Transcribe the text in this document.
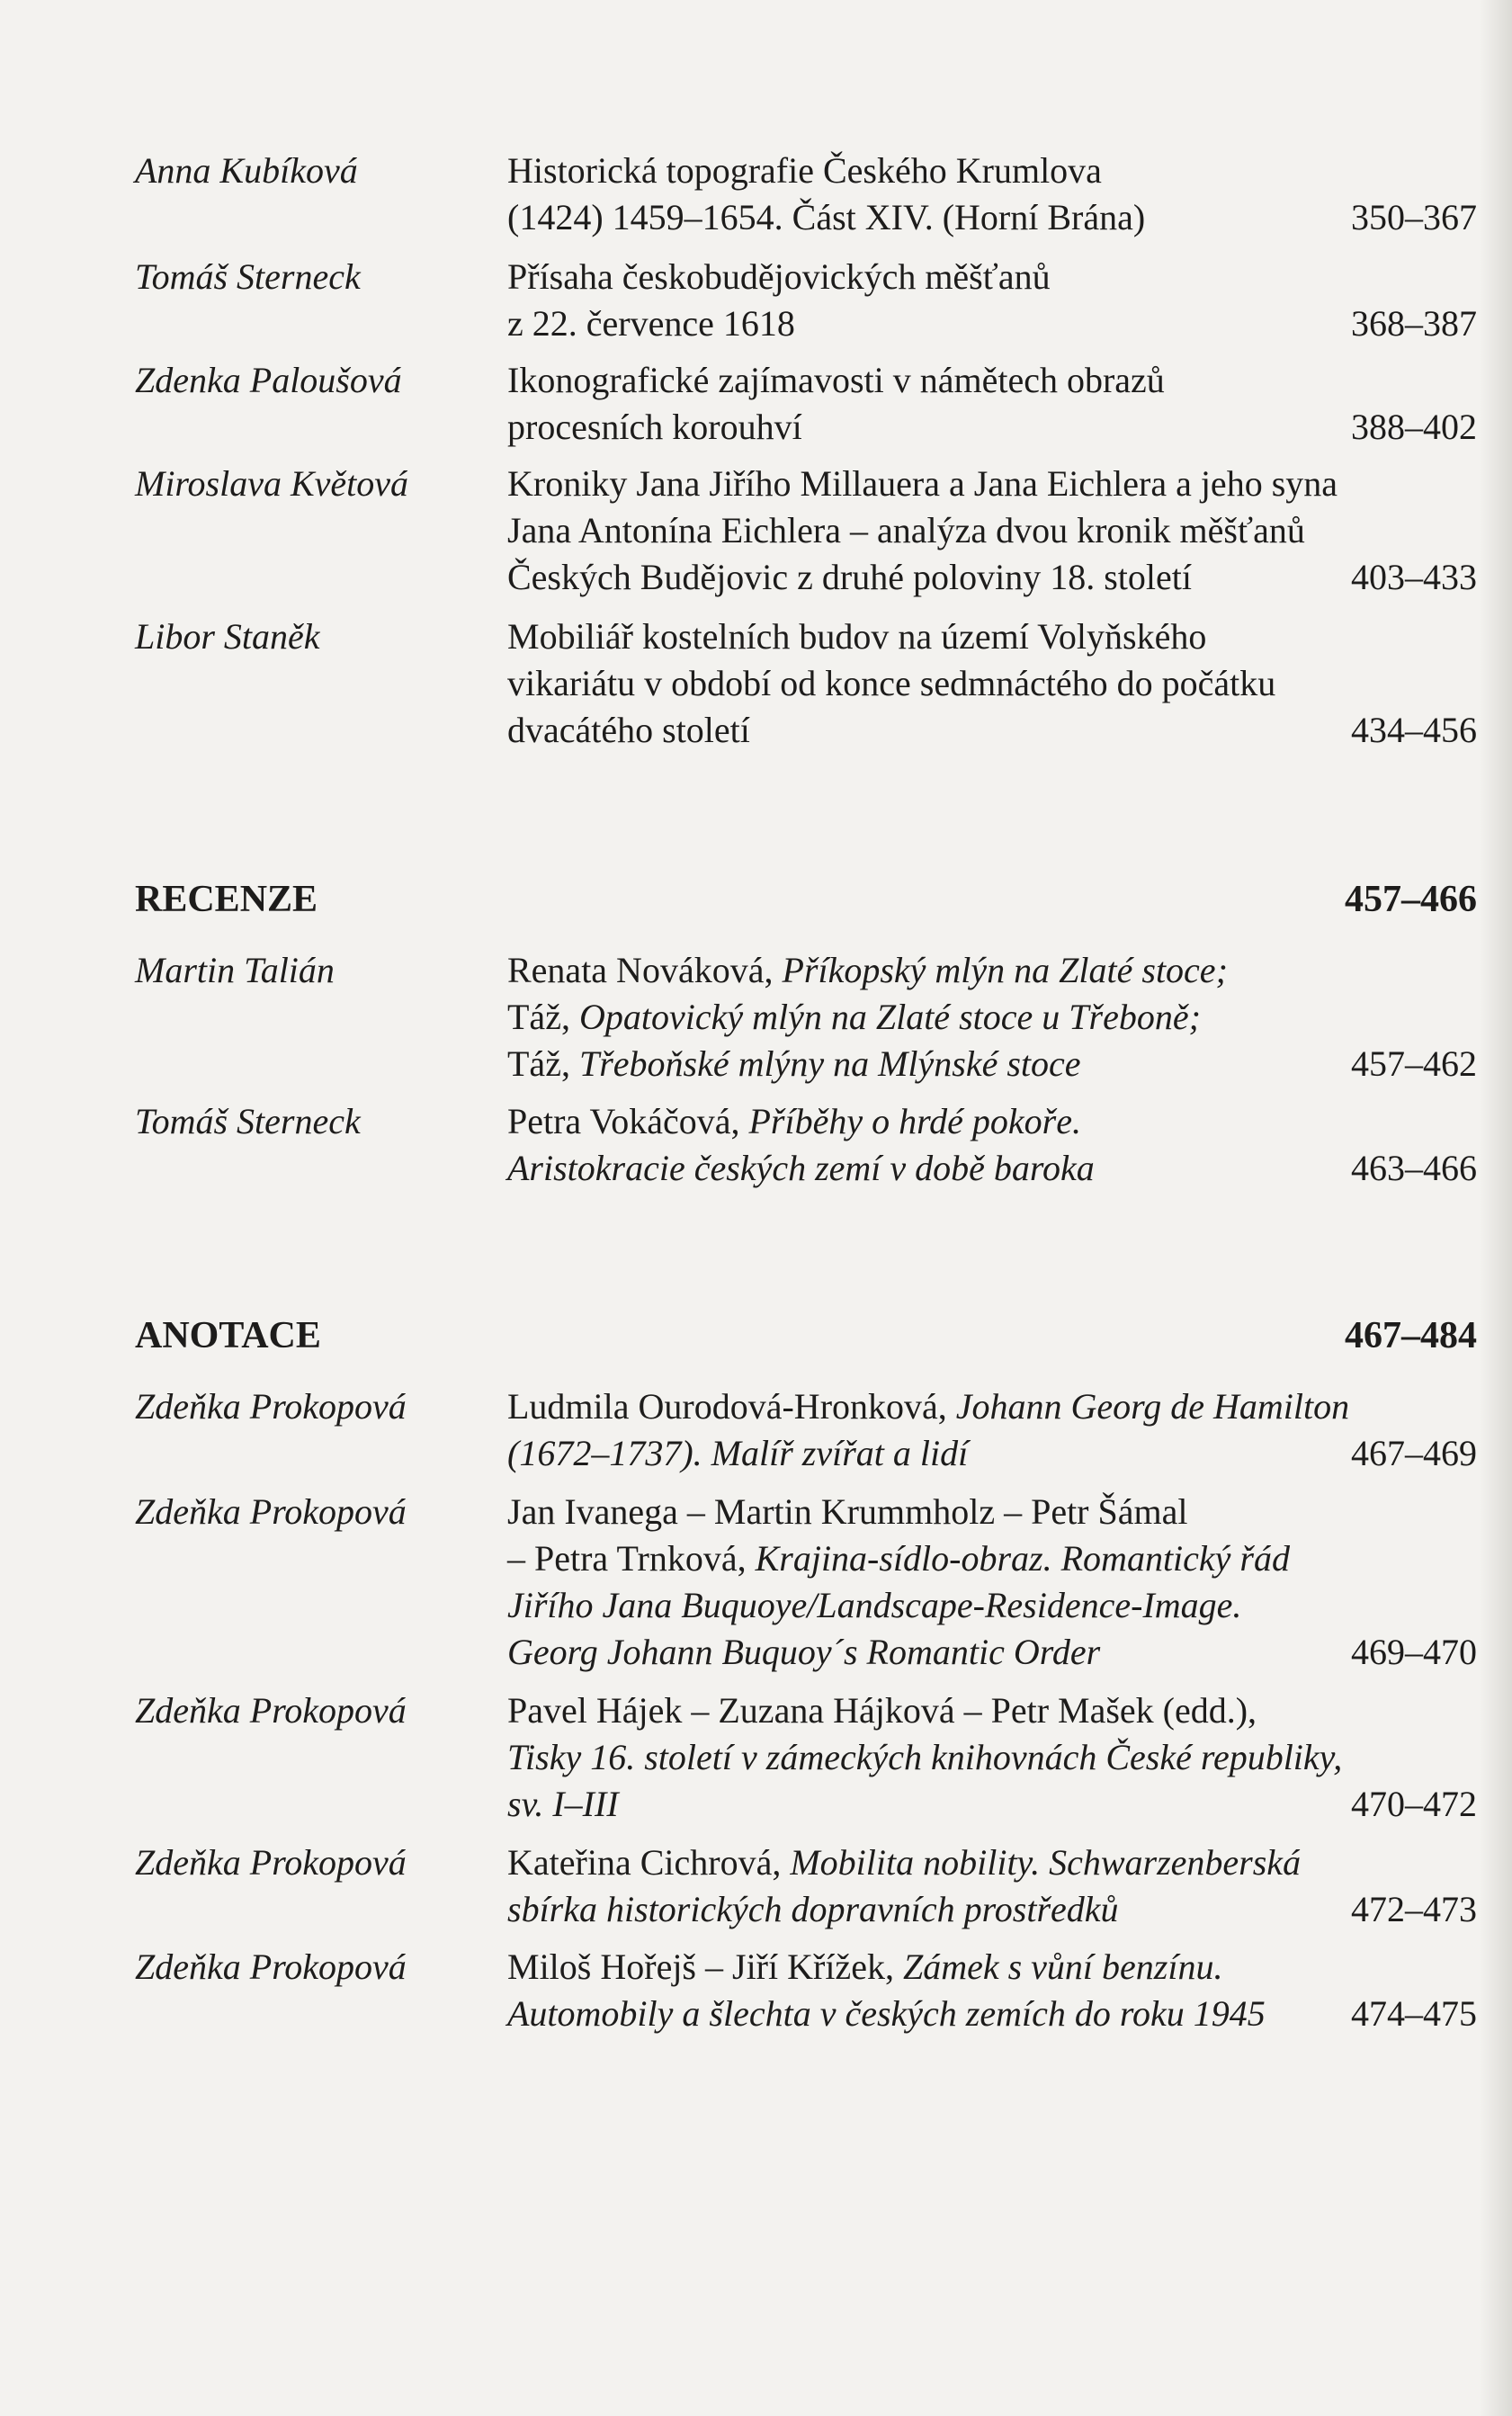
Anna Kubíková	Historická topografie Českého Krumlova
(1424) 1459–1654. Část XIV. (Horní Brána)	350–367
Tomáš Sterneck	Přísaha českobudějovických měšťanů
z 22. července 1618	368–387
Zdenka Paloušová	Ikonografické zajímavosti v námětech obrazů
procesních korouhví	388–402
Miroslava Květová	Kroniky Jana Jiřího Millauera a Jana Eichlera a jeho syna
Jana Antonína Eichlera – analýza dvou kronik měšťanů
Českých Budějovic z druhé poloviny 18. století	403–433
Libor Staněk	Mobiliář kostelních budov na území Volyňského
vikariátu v období od konce sedmnáctého do počátku
dvacátého století	434–456
RECENZE	457–466
Martin Talián	Renata Nováková, Příkopský mlýn na Zlaté stoce;
Táž, Opatovický mlýn na Zlaté stoce u Třeboně;
Táž, Třeboňské mlýny na Mlýnské stoce	457–462
Tomáš Sterneck	Petra Vokáčová, Příběhy o hrdé pokoře.
Aristokracie českých zemí v době baroka	463–466
ANOTACE	467–484
Zdeňka Prokopová	Ludmila Ourodová-Hronková, Johann Georg de Hamilton
(1672–1737). Malíř zvířat a lidí	467–469
Zdeňka Prokopová	Jan Ivanega – Martin Krummholz – Petr Šámal
– Petra Trnková, Krajina-sídlo-obraz. Romantický řád
Jiřího Jana Buquoye/Landscape-Residence-Image.
Georg Johann Buquoy´s Romantic Order	469–470
Zdeňka Prokopová	Pavel Hájek – Zuzana Hájková – Petr Mašek (edd.),
Tisky 16. století v zámeckých knihovnách České republiky,
sv. I–III	470–472
Zdeňka Prokopová	Kateřina Cichrová, Mobilita nobility. Schwarzenberská
sbírka historických dopravních prostředků	472–473
Zdeňka Prokopová	Miloš Hořejš – Jiří Křížek, Zámek s vůní benzínu.
Automobily a šlechta v českých zemích do roku 1945 474–475
